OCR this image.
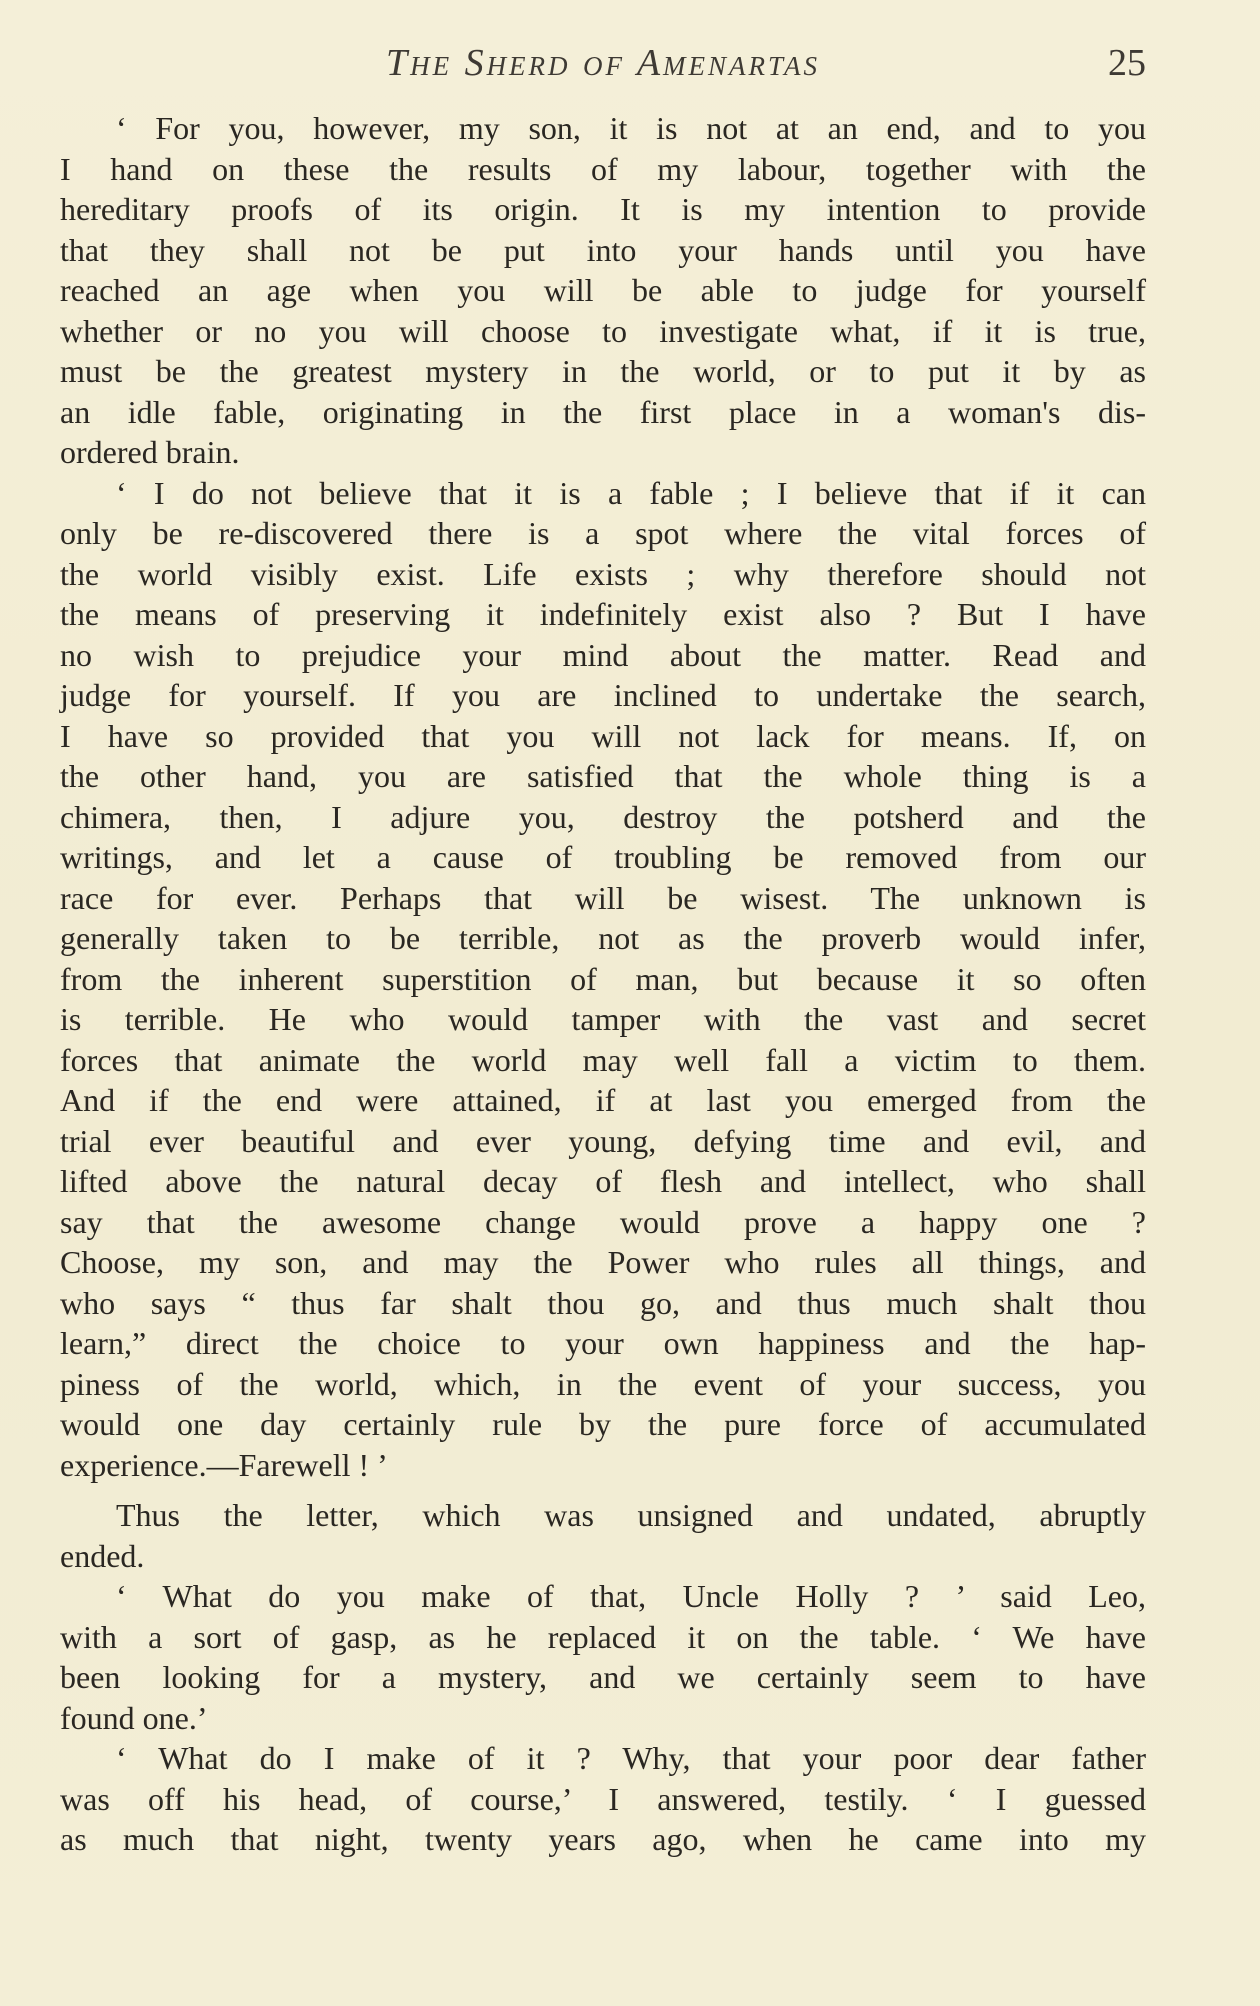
The Sherd of Amenartas	25
‘ For you, however, my son, it is not at an end, and to you
I hand on these the results of my labour, together with the
hereditary proofs of its origin. It is my intention to provide
that they shall not be put into your hands until you have
reached an age when you will be able to judge for yourself
whether or no you will choose to investigate what, if it is true,
must be the greatest mystery in the world, or to put it by as
an idle fable, originating in the first place in a woman's dis-
ordered brain.
‘ I do not believe that it is a fable ; I believe that if it can
only be re-discovered there is a spot where the vital forces of
the world visibly exist. Life exists ; why therefore should not
the means of preserving it indefinitely exist also ? But I have
no wish to prejudice your mind about the matter. Read and
judge for yourself. If you are inclined to undertake the search,
I have so provided that you will not lack for means. If, on
the other hand, you are satisfied that the whole thing is a
chimera, then, I adjure you, destroy the potsherd and the
writings, and let a cause of troubling be removed from our
race for ever. Perhaps that will be wisest. The unknown is
generally taken to be terrible, not as the proverb would infer,
from the inherent superstition of man, but because it so often
is terrible. He who would tamper with the vast and secret
forces that animate the world may well fall a victim to them.
And if the end were attained, if at last you emerged from the
trial ever beautiful and ever young, defying time and evil, and
lifted above the natural decay of flesh and intellect, who shall
say that the awesome change would prove a happy one ?
Choose, my son, and may the Power who rules all things, and
who says “ thus far shalt thou go, and thus much shalt thou
learn,” direct the choice to your own happiness and the hap-
piness of the world, which, in the event of your success, you
would one day certainly rule by the pure force of accumulated
experience.—Farewell ! ’
Thus the letter, which was unsigned and undated, abruptly
ended.
‘ What do you make of that, Uncle Holly ? ’ said Leo,
with a sort of gasp, as he replaced it on the table. ‘ We have
been looking for a mystery, and we certainly seem to have
found one.’
‘ What do I make of it ? Why, that your poor dear father
was off his head, of course,’ I answered, testily. ‘ I guessed
as much that night, twenty years ago, when he came into my
